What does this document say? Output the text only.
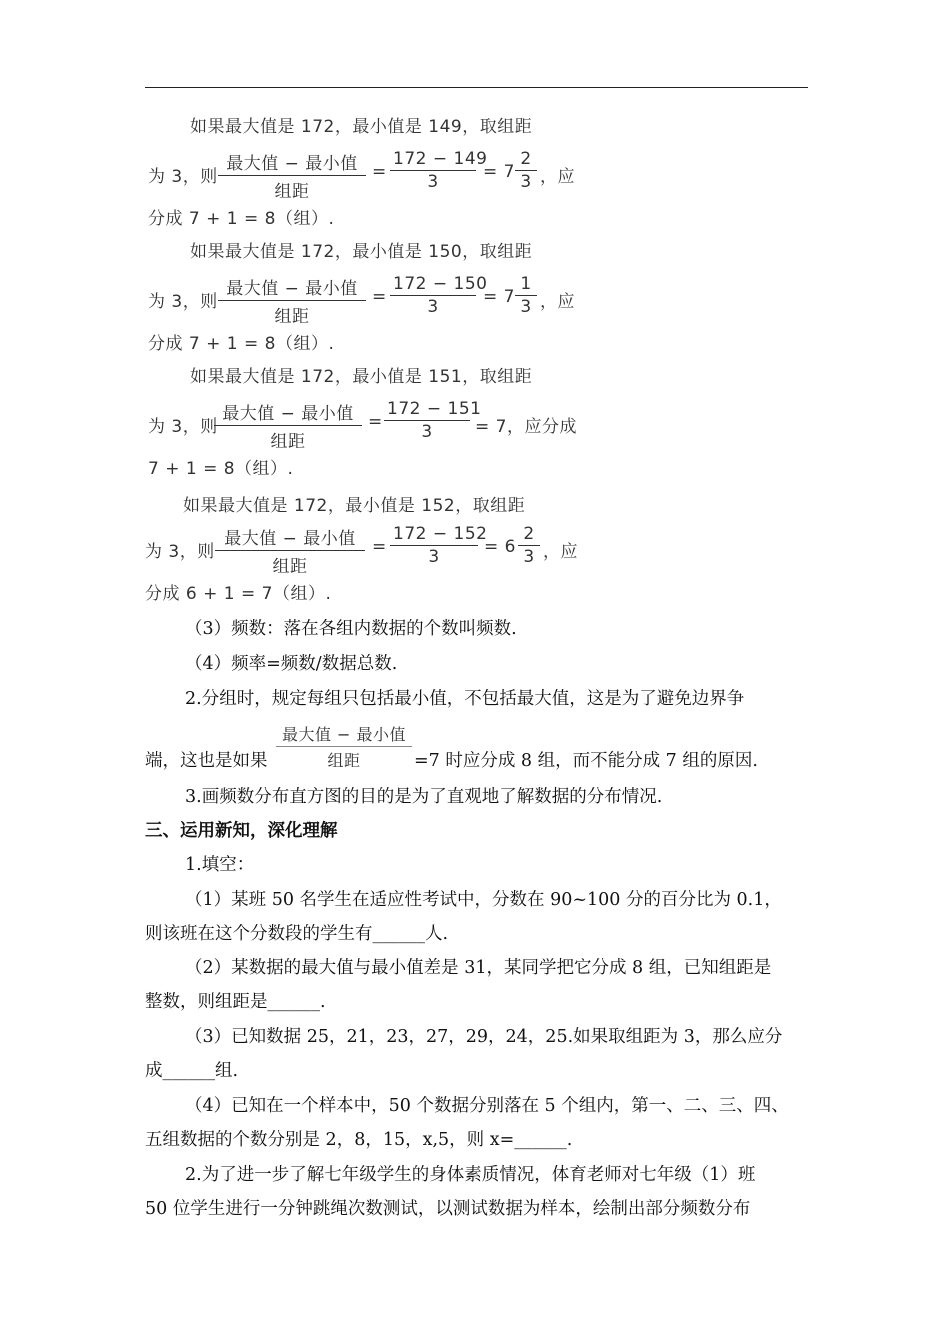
如果最大值是 172，最小值是 149，取组距
为 3，则
最大值 − 最小值
组距
= $\frac{172 - 149}{3} = 7 \frac{2}{3}$ ，应
分成 7 + 1 = 8（组）.
如果最大值是 172，最小值是 150，取组距
为 3，则
最大值 − 最小值
组距
= $\frac{172 - 150}{3} = 7 \frac{1}{3}$ ，应
分成 7 + 1 = 8（组）.
如果最大值是 172，最小值是 151，取组距
为 3，则
最大值 − 最小值
组距
= $\frac{172 - 151}{3} = 7$，应分成
7 + 1 = 8（组）.
如果最大值是 172，最小值是 152，取组距
为 3，则
最大值 − 最小值
组距
= $\frac{172 - 152}{3} = 6 \frac{2}{3}$ ，应
分成 6 + 1 = 7（组）.
（3）频数：落在各组内数据的个数叫频数.
（4）频率=频数/数据总数.
2.分组时，规定每组只包括最小值，不包括最大值，这是为了避免边界争
最大值 − 最小值
组距
端，这也是如果	=7 时应分成 8 组，而不能分成 7 组的原因.
3.画频数分布直方图的目的是为了直观地了解数据的分布情况.
三、运用新知，深化理解
1.填空：
（1）某班 50 名学生在适应性考试中，分数在 90~100 分的百分比为 0.1，
则该班在这个分数段的学生有______人.
（2）某数据的最大值与最小值差是 31，某同学把它分成 8 组，已知组距是
整数，则组距是______.
（3）已知数据 25，21，23，27，29，24，25.如果取组距为 3，那么应分
成______组.
（4）已知在一个样本中，50 个数据分别落在 5 个组内，第一、二、三、四、
五组数据的个数分别是 2，8，15，x,5，则 x=______.
2.为了进一步了解七年级学生的身体素质情况，体育老师对七年级（1）班
50 位学生进行一分钟跳绳次数测试，以测试数据为样本，绘制出部分频数分布
